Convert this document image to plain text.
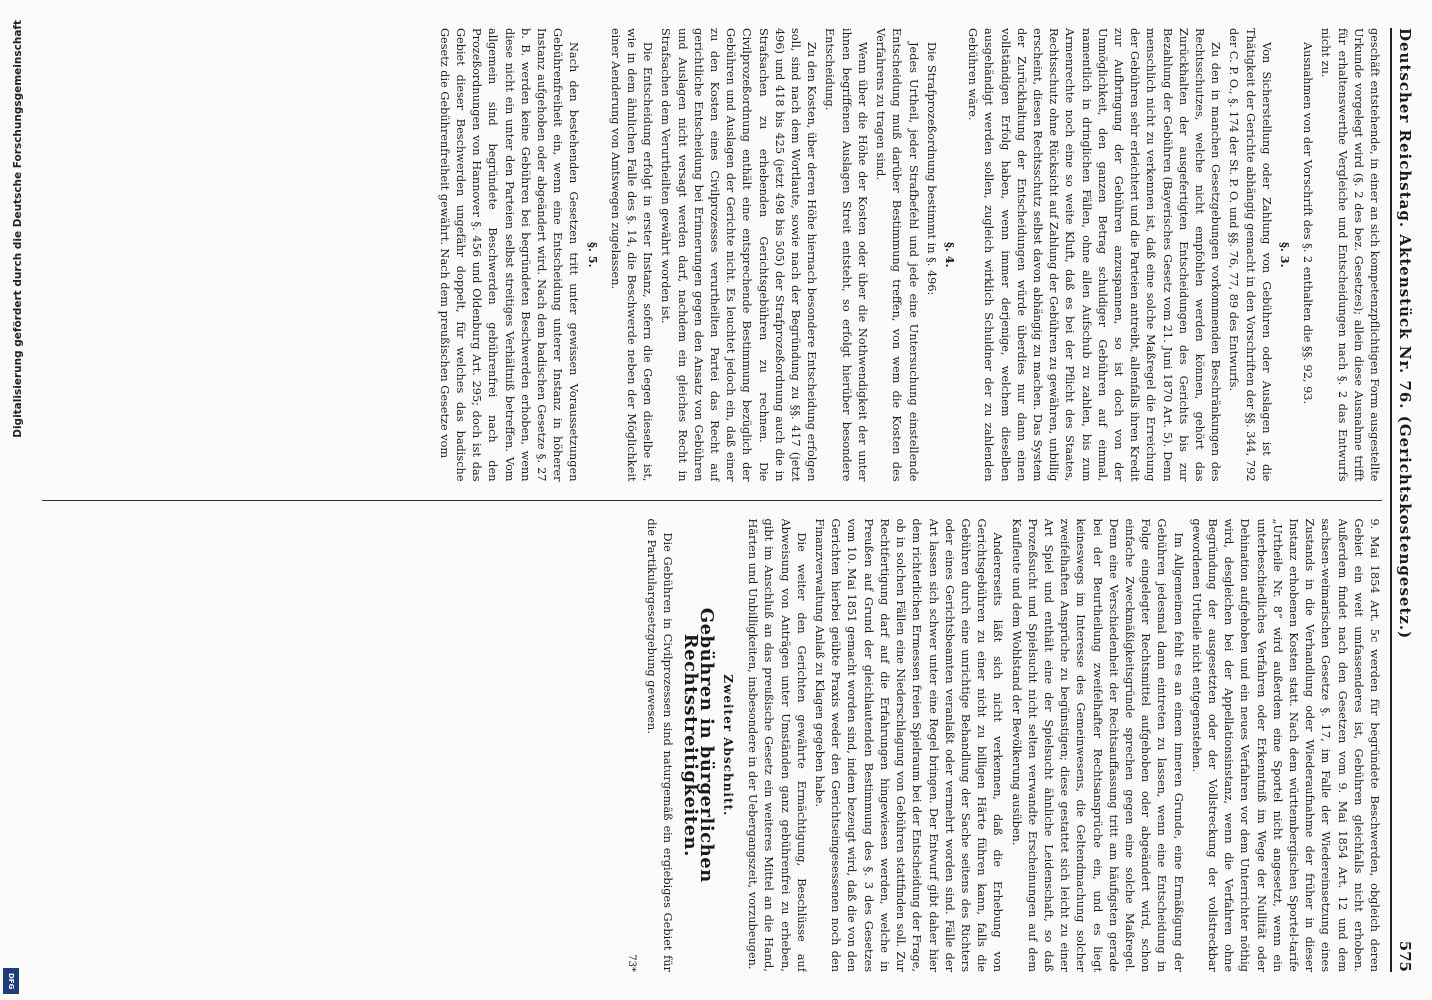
Deutscher Reichstag. Aktenstück Nr. 76. (Gerichtskostengesetz.)
575

geschäft entstehende, in einer an sich kompetenzpflichtigen Form ausgestellte Urkunde vorgelegt wird (§. 2 des bez. Gesetzes); allein diese Ausnahme trifft für erhaltenswerthe Vergleiche und Entscheidungen nach §. 2 das Entwurfs nicht zu.

Ausnahmen von der Vorschrift des §. 2 enthalten die §§. 92, 93.

§. 3.

Von Sicherstellung oder Zahlung von Gebühren oder Auslagen ist die Thätigkeit der Gerichte abhängig gemacht in den Vorschriften der §§. 344, 792 der C. P. O., §. 174 der St. P. O. und §§. 76, 77, 89 des Entwurfs.

Zu den in manchen Gesetzgebungen vorkommenden Beschränkungen des Rechtsschutzes, welche nicht empfohlen werden können, gehört das Zurückhalten der ausgefertigten Entscheidungen des Gerichts bis zur Bezahlung der Gebühren (Bayerisches Gesetz vom 21. Juni 1870 Art. 5). Denn menschlich nicht zu verkennen ist, daß eine solche Maßregel die Erreichung der Gebühren sehr erleichtert und die Parteien antreibt, allenfalls ihren Kredit zur Aufbringung der Gebühren anzuspannen, so ist doch von der Unmöglichkeit, den ganzen Betrag schuldiger Gebühren auf einmal, namentlich in dringlichen Fällen, ohne allen Aufschub zu zahlen, bis zum Armenrechte noch eine so weite Kluft, daß es bei der Pflicht des Staates, Rechtsschutz ohne Rücksicht auf Zahlung der Gebühren zu gewähren, unbillig erscheint, diesen Rechtsschutz selbst davon abhängig zu machen. Das System der Zurückhaltung der Entscheidungen würde überdies nur dann einen vollständigen Erfolg haben, wenn immer derjenige, welchem dieselben ausgehändigt werden sollen, zugleich wirklich Schuldner der zu zahlenden Gebühren wäre.

§. 4.

Die Strafprozeßordnung bestimmt in §. 496:

Jedes Urtheil, jeder Strafbefehl und jede eine Untersuchung einstellende Entscheidung muß darüber Bestimmung treffen, von wem die Kosten des Verfahrens zu tragen sind.

Wenn über die Höhe der Kosten oder über die Nothwendigkeit der unter ihnen begriffenen Auslagen Streit entsteht, so erfolgt hierüber besondere Entscheidung.

Zu den Kosten, über deren Höhe hiernach besondere Entscheidung erfolgen soll, sind nach dem Wortlaute, sowie nach der Begründung zu §§. 417 (jetzt 496) und 418 bis 425 (jetzt 498 bis 505) der Strafprozeßordnung auch die in Strafsachen zu erhebenden Gerichtsgebühren zu rechnen. Die Civilprozeßordnung enthält eine entsprechende Bestimmung bezüglich der Gebühren und Auslagen der Gerichte nicht. Es leuchtet jedoch ein, daß einer zu den Kosten eines Civilprozesses verurtheilten Partei das Recht auf gerichtliche Entscheidung bei Erinnerungen gegen den Ansatz von Gebühren und Auslagen nicht versagt werden darf, nachdem ein gleiches Recht in Strafsachen dem Verurtheilten gewährt worden ist.

Die Entscheidung erfolgt in erster Instanz, sofern die Gegen dieselbe ist, wie in dem ähnlichen Falle des §. 14, die Beschwerde neben der Möglichkeit einer Aenderung von Amtswegen zugelassen.

§. 5.

Nach den bestehenden Gesetzen tritt unter gewissen Voraussetzungen Gebührenfreiheit ein, wenn eine Entscheidung unterer Instanz in höherer Instanz aufgehoben oder abgeändert wird. Nach dem badischen Gesetze §. 27 b. B. werden keine Gebühren bei begründeten Beschwerden erhoben, wenn diese nicht ein unter den Parteien selbst streitiges Verhältniß betreffen. Vom allgemein sind begründete Beschwerden gebührenfrei nach den Prozeßordnungen von Hannover §. 456 und Oldenburg Art. 295; doch ist das Gebiet dieser Beschwerden ungefähr doppelt, für welches das badische Gesetz die Gebührenfreiheit gewährt. Nach dem preußischen Gesetze vom

9. Mai 1854 Art. 5c werden für begründete Beschwerden, obgleich deren Gebiet ein weit umfassenderes ist, Gebühren gleichfalls nicht erhoben. Außerdem findet nach den Gesetzen vom 9. Mai 1854 Art. 12 und dem sachsen-weimarischen Gesetze §. 17, im Falle der Wiedereinsetzung eines Zustands in die Verhandlung oder Wiederaufnahme der früher in dieser Instanz erhobenen Kosten statt. Nach dem württembergischen Sportel-tarife „Urtheile Nr. 8“ wird außerdem eine Sportel nicht angesetzt, wenn ein unterbeschiedliches Verfahren oder Erkenntniß im Wege der Nullität oder Dehination aufgehoben und ein neues Verfahren vor dem Unterrichter nöthig wird, desgleichen bei der Appellationsinstanz, wenn die Verfahren ohne Begründung der ausgesetzten oder der Vollstreckung der vollstreckbar gewordenen Urtheile nicht entgegenstehen.

Im Allgemeinen fehlt es an einem inneren Grunde, eine Ermäßigung der Gebühren jedesmal dann eintreten zu lassen, wenn eine Entscheidung in Folge eingelegter Rechtsmittel aufgehoben oder abgeändert wird, schon einfache Zweckmäßigkeitsgründe sprechen gegen eine solche Maßregel. Denn eine Verschiedenheit der Rechtsauffassung tritt am häufigsten gerade bei der Beurtheilung zweifelhafter Rechtsansprüche ein, und es liegt keineswegs im Interesse des Gemeinwesens, die Geltendmachung solcher zweifelhaften Ansprüche zu begünstigen; diese gestattet sich leicht zu einer Art Spiel und enthält eine der Spielsucht ähnliche Leidenschaft, so daß Prozeßsucht und Spielsucht nicht selten verwandte Erscheinungen auf dem Kaufleute und dem Wohlstand der Bevölkerung ausüben.

Andererseits läßt sich nicht verkennen, daß die Erhebung von Gerichtsgebühren zu einer nicht zu billigen Härte führen kann, falls die Gebühren durch eine unrichtige Behandlung der Sache seitens des Richters oder eines Gerichtsbeamten veranlaßt oder vermehrt worden sind. Fälle der Art lassen sich schwer unter eine Regel bringen. Der Entwurf gibt daher hier dem richterlichen Ermessen freien Spielraum bei der Entscheidung der Frage, ob in solchen Fällen eine Niederschlagung von Gebühren stattfinden soll. Zur Rechtfertigung darf auf die Erfahrungen hingewiesen werden, welche in Preußen auf Grund der gleichlautenden Bestimmung des §. 3 des Gesetzes vom 10. Mai 1851 gemacht worden sind, indem bezeugt wird, daß die von den Gerichten hierbei geübte Praxis weder den Gerichtseingesessenen noch den Finanzverwaltung Anlaß zu Klagen gegeben habe.

Die weiter den Gerichten gewährte Ermächtigung, Beschlüsse auf Abweisung von Anträgen unter Umständen ganz gebührenfrei zu erheben, gibt im Anschluß an das preußische Gesetz ein weiteres Mittel an die Hand, Härten und Unbilligkeiten, insbesondere in der Uebergangszeit, vorzubeugen.

Zweiter Abschnitt.
Gebühren in bürgerlichen Rechtsstreitigkeiten.

Die Gebühren in Civilprozessen sind naturgemäß ein ergiebiges Gebiet für die Partikulargesetzgebung gewesen.

73*
Digitalisierung gefördert durch die Deutsche Forschungsgemeinschaft
DFG
